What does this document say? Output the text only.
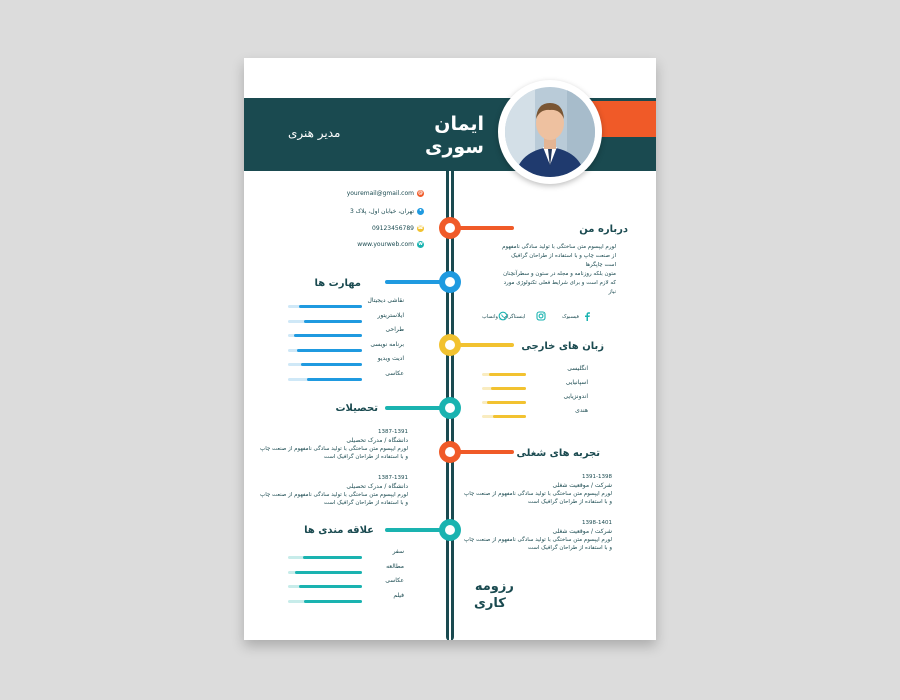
ایمان
سوری
مدیر هنری
youremail@gmail.com @
تهران، خیابان اول، پلاک 3 •
09123456789 ☎
www.yourweb.com w
درباره من
لورم ایپسوم متن ساختگی با تولید سادگی نامفهوم
از صنعت چاپ و با استفاده از طراحان گرافیک
است چاپگرها
متون بلکه روزنامه و مجله در ستون و سطرآنچنان
که لازم است و برای شرایط فعلی تکنولوژی مورد
نیاز
فیسبوک
اینستاگرام
واتساپ
مهارت ها
زبان های خارجی
تحصیلات
1387-1391
دانشگاه / مدرک تحصیلی
لورم ایپسوم متن ساختگی با تولید سادگی نامفهوم از صنعت چاپ
و با استفاده از طراحان گرافیک است
1387-1391
دانشگاه / مدرک تحصیلی
لورم ایپسوم متن ساختگی با تولید سادگی نامفهوم از صنعت چاپ
و با استفاده از طراحان گرافیک است
تجربه های شغلی
1391-1398
شرکت / موقعیت شغلی
لورم ایپسوم متن ساختگی با تولید سادگی نامفهوم از صنعت چاپ
و با استفاده از طراحان گرافیک است
1398-1401
شرکت / موقعیت شغلی
لورم ایپسوم متن ساختگی با تولید سادگی نامفهوم از صنعت چاپ
و با استفاده از طراحان گرافیک است
علاقه مندی ها
رزومه
کاری
نقاشی دیجیتال
ایلاستریتور
طراحی
برنامه نویسی
ادیت ویدیو
عکاسی
انگلیسی
اسپانیایی
اندونزیایی
هندی
سفر
مطالعه
عکاسی
فیلم
